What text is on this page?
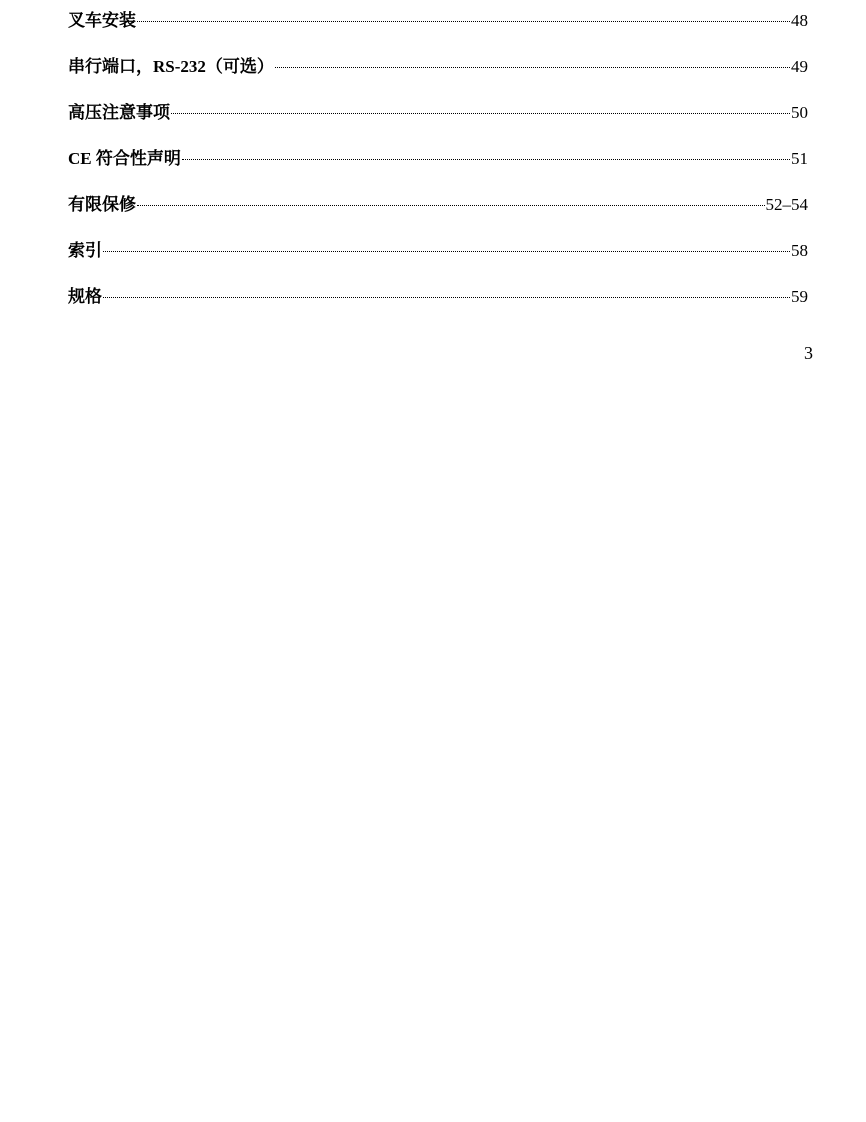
叉车安装	48
串行端口，RS-232（可选）	49
高压注意事项	50
CE 符合性声明	51
有限保修	52–54
索引	58
规格	59
3
